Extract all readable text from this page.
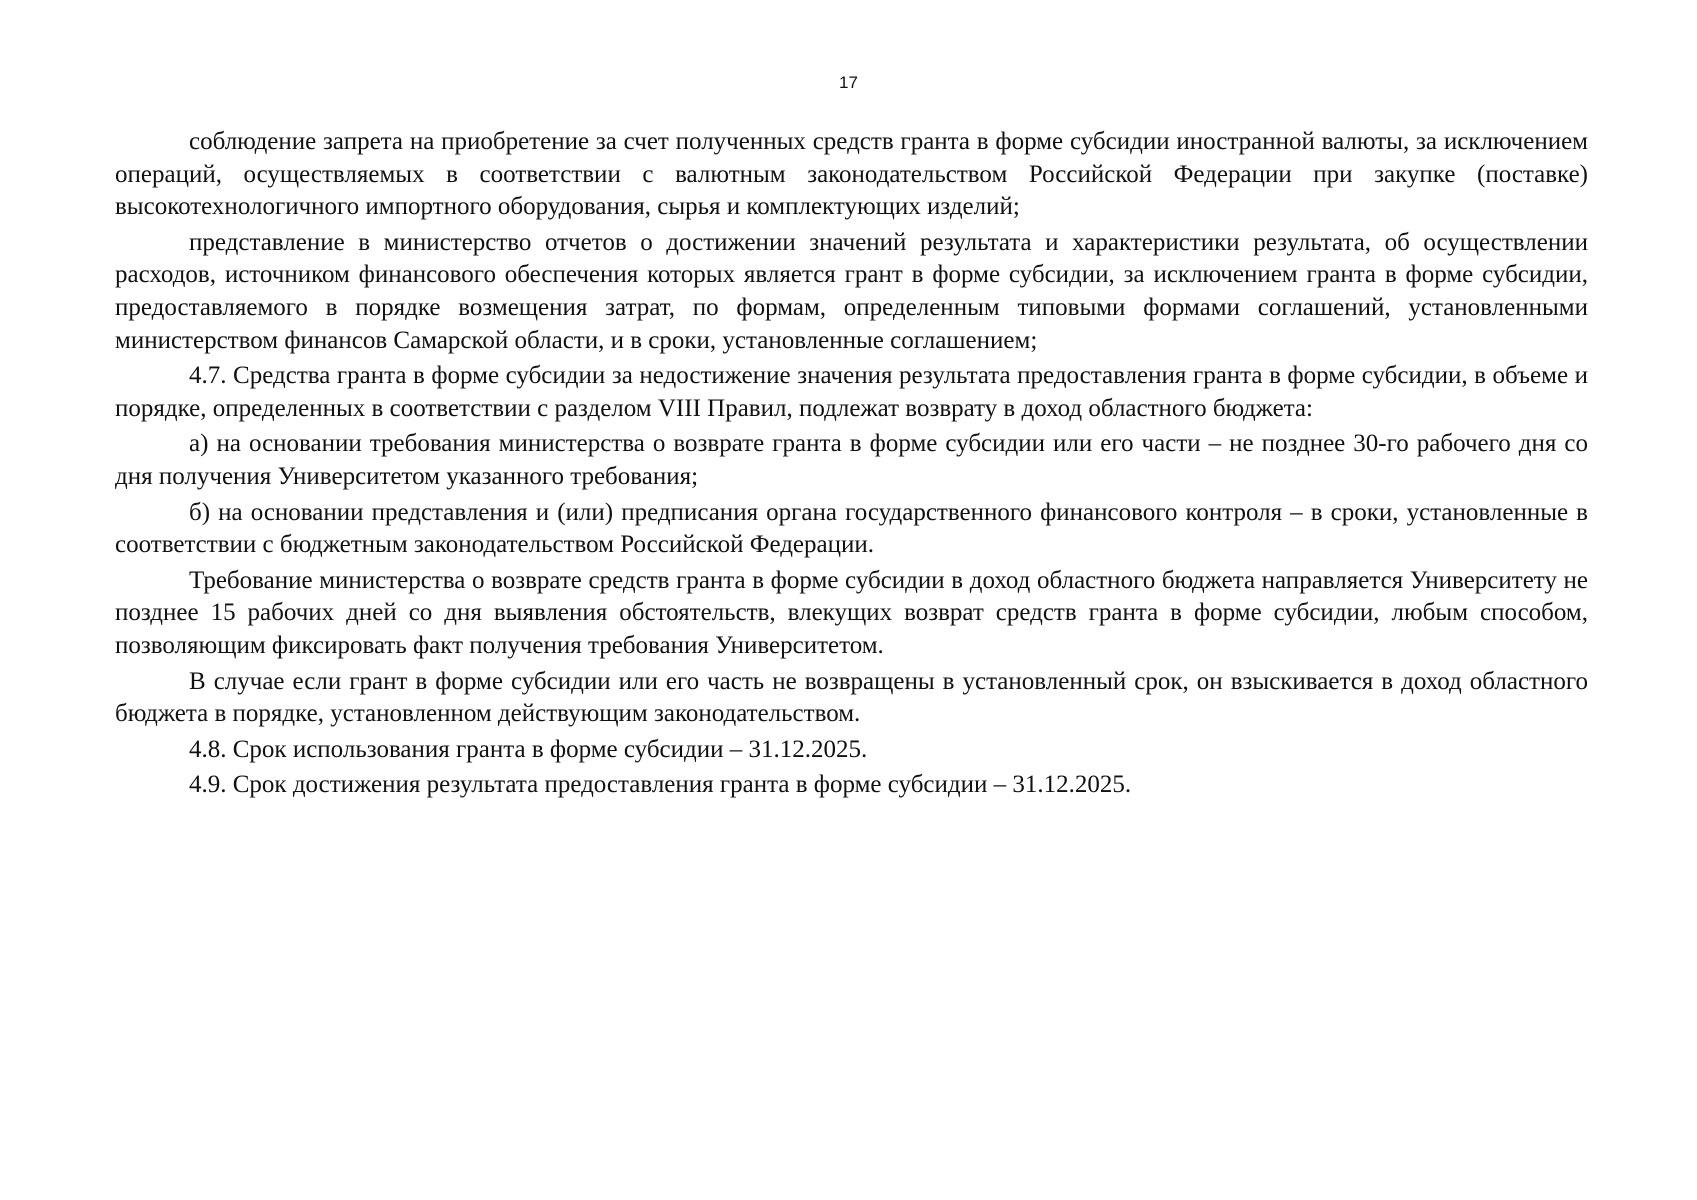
17

соблюдение запрета на приобретение за счет полученных средств гранта в форме субсидии иностранной валюты, за исключением операций, осуществляемых в соответствии с валютным законодательством Российской Федерации при закупке (поставке) высокотехнологичного импортного оборудования, сырья и комплектующих изделий;

представление в министерство отчетов о достижении значений результата и характеристики результата, об осуществлении расходов, источником финансового обеспечения которых является грант в форме субсидии, за исключением гранта в форме субсидии, предоставляемого в порядке возмещения затрат, по формам, определенным типовыми формами соглашений, установленными министерством финансов Самарской области, и в сроки, установленные соглашением;

4.7. Средства гранта в форме субсидии за недостижение значения результата предоставления гранта в форме субсидии, в объеме и порядке, определенных в соответствии с разделом VIII Правил, подлежат возврату в доход областного бюджета:

а) на основании требования министерства о возврате гранта в форме субсидии или его части – не позднее 30-го рабочего дня со дня получения Университетом указанного требования;

б) на основании представления и (или) предписания органа государственного финансового контроля – в сроки, установленные в соответствии с бюджетным законодательством Российской Федерации.

Требование министерства о возврате средств гранта в форме субсидии в доход областного бюджета направляется Университету не позднее 15 рабочих дней со дня выявления обстоятельств, влекущих возврат средств гранта в форме субсидии, любым способом, позволяющим фиксировать факт получения требования Университетом.

В случае если грант в форме субсидии или его часть не возвращены в установленный срок, он взыскивается в доход областного бюджета в порядке, установленном действующим законодательством.

4.8. Срок использования гранта в форме субсидии – 31.12.2025.

4.9. Срок достижения результата предоставления гранта в форме субсидии – 31.12.2025.
